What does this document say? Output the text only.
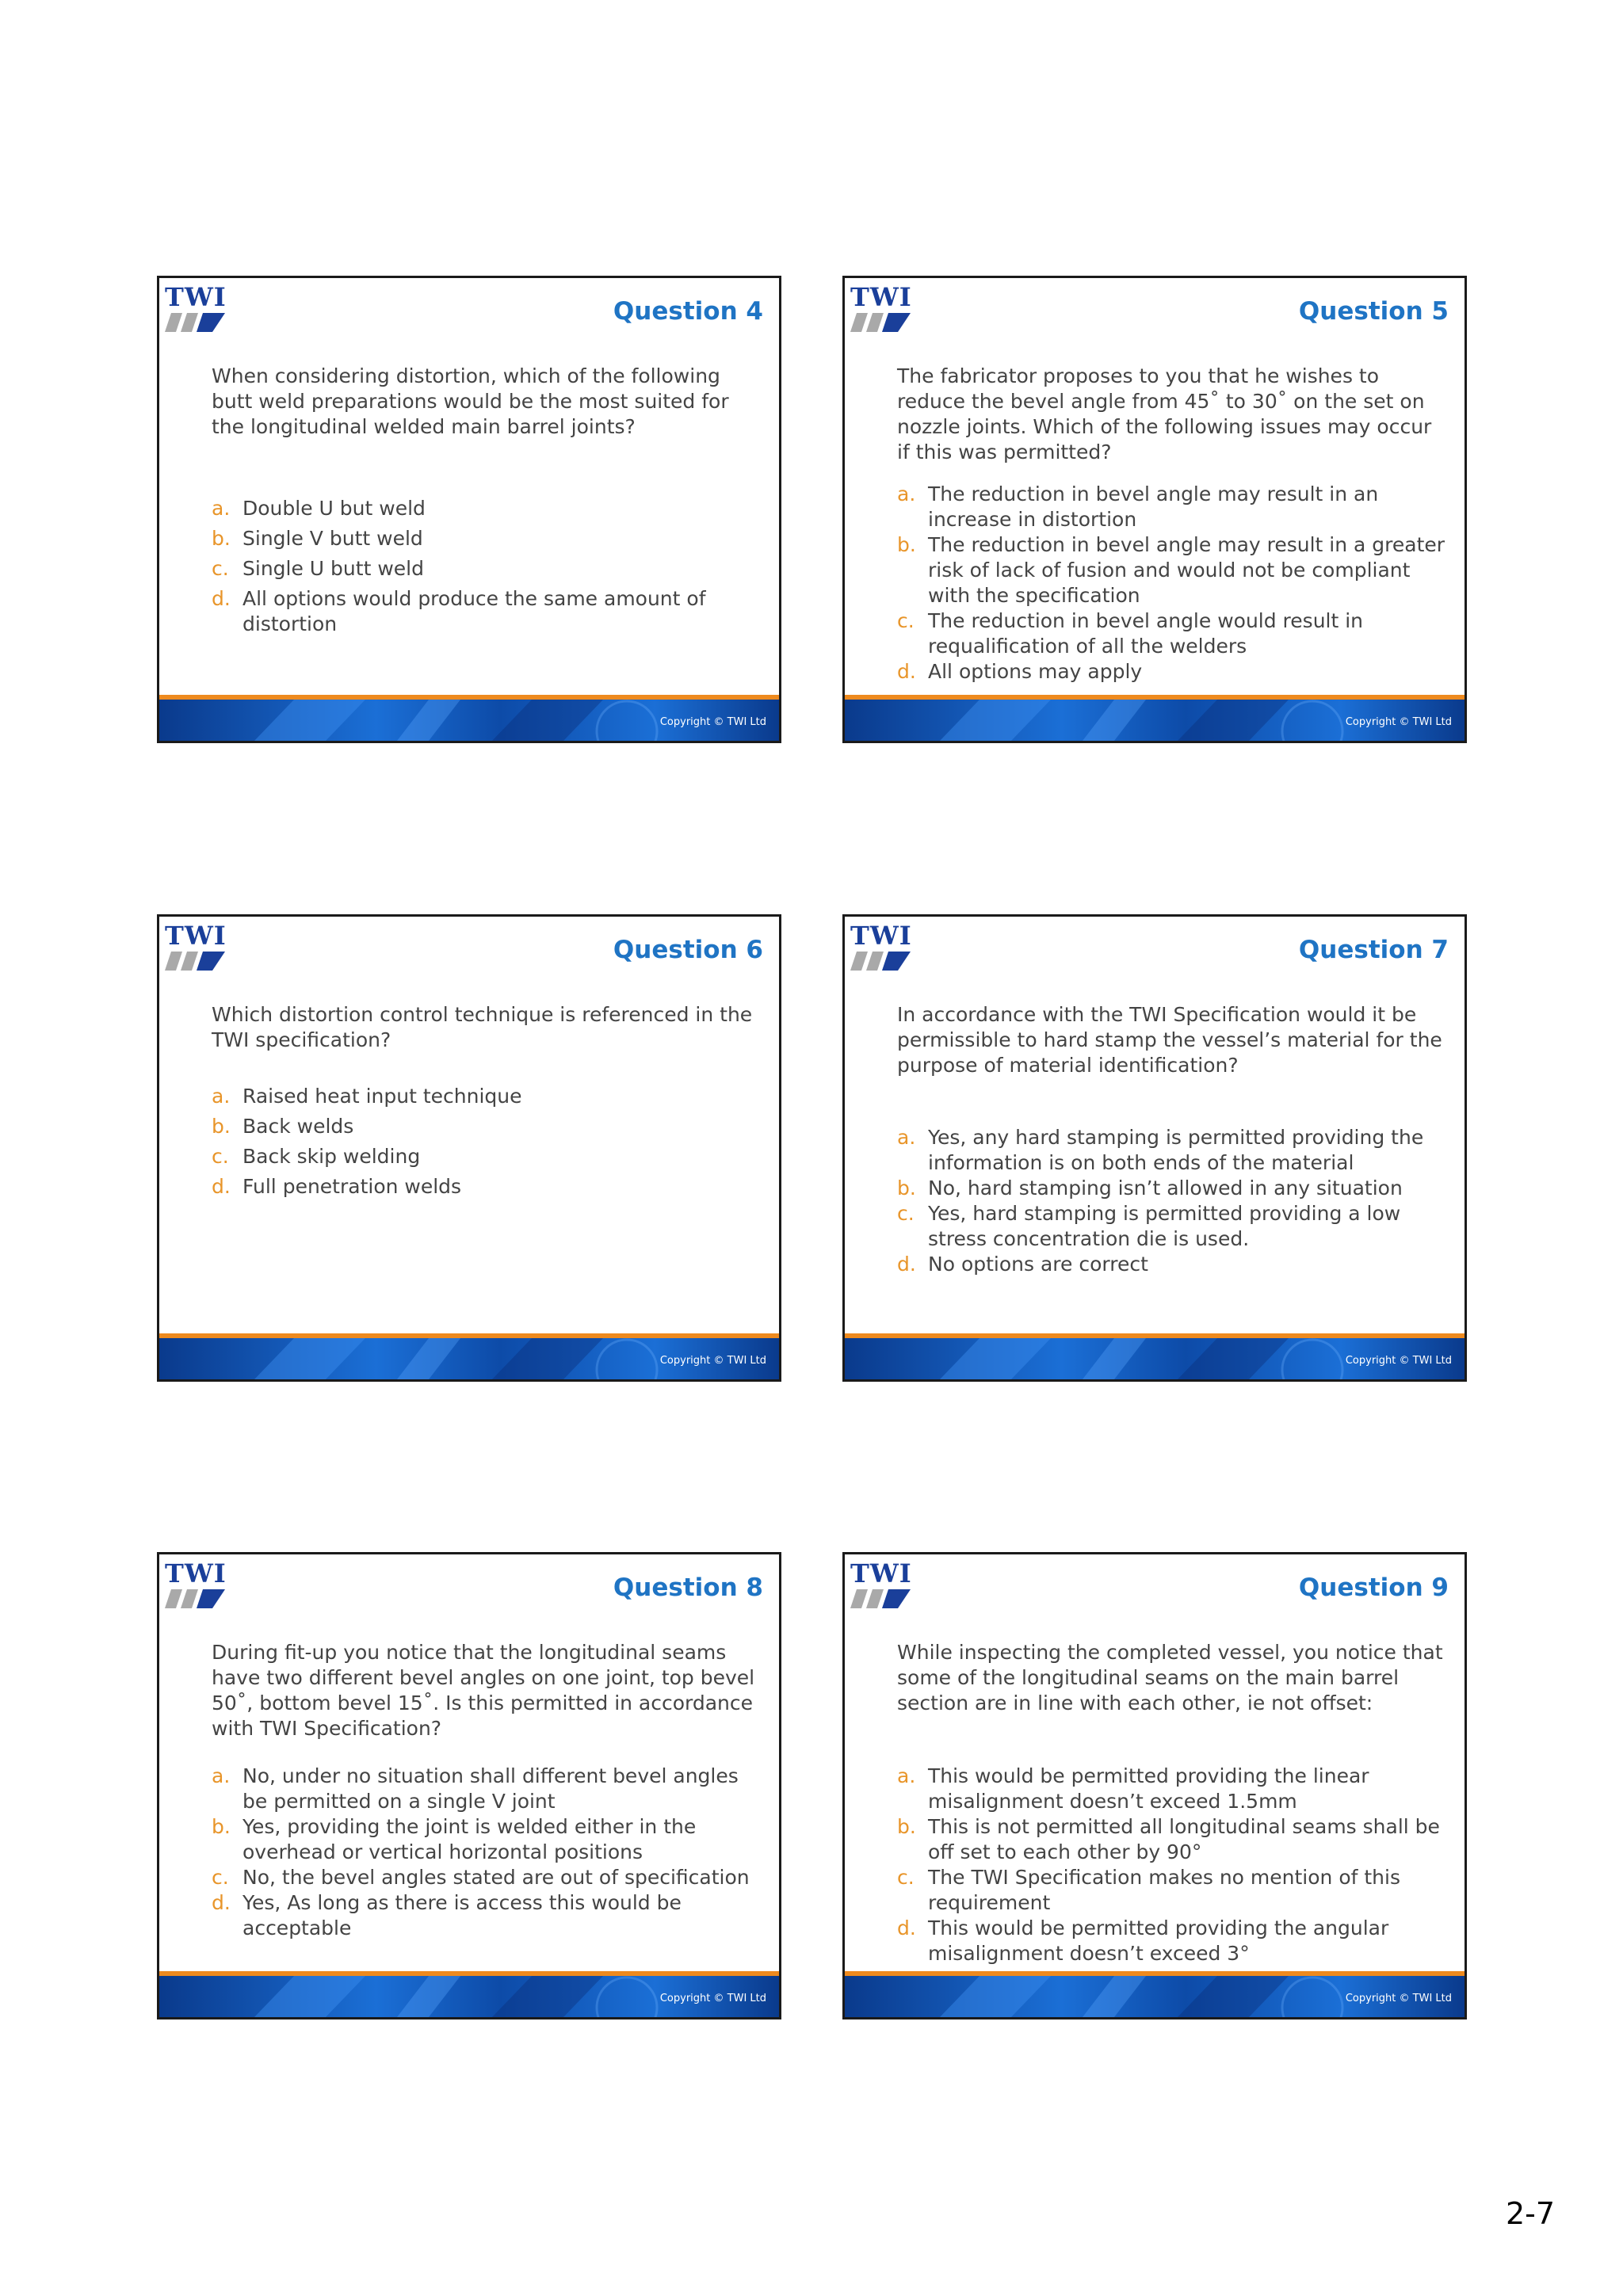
TWI	Question 4
When considering distortion, which of the following butt weld preparations would be the most suited for the longitudinal welded main barrel joints?
a. Double U but weld
b. Single V butt weld
c. Single U butt weld
d. All options would produce the same amount of distortion
Copyright © TWI Ltd
TWI	Question 5
The fabricator proposes to you that he wishes to reduce the bevel angle from 45˚ to 30˚ on the set on nozzle joints. Which of the following issues may occur if this was permitted?
a. The reduction in bevel angle may result in an increase in distortion
b. The reduction in bevel angle may result in a greater risk of lack of fusion and would not be compliant with the specification
c. The reduction in bevel angle would result in requalification of all the welders
d. All options may apply
Copyright © TWI Ltd
TWI	Question 6
Which distortion control technique is referenced in the TWI specification?
a. Raised heat input technique
b. Back welds
c. Back skip welding
d. Full penetration welds
Copyright © TWI Ltd
TWI	Question 7
In accordance with the TWI Specification would it be permissible to hard stamp the vessel’s material for the purpose of material identification?
a. Yes, any hard stamping is permitted providing the information is on both ends of the material
b. No, hard stamping isn’t allowed in any situation
c. Yes, hard stamping is permitted providing a low stress concentration die is used.
d. No options are correct
Copyright © TWI Ltd
TWI	Question 8
During fit-up you notice that the longitudinal seams have two different bevel angles on one joint, top bevel 50˚, bottom bevel 15˚. Is this permitted in accordance with TWI Specification?
a. No, under no situation shall different bevel angles be permitted on a single V joint
b. Yes, providing the joint is welded either in the overhead or vertical horizontal positions
c. No, the bevel angles stated are out of specification
d. Yes, As long as there is access this would be acceptable
Copyright © TWI Ltd
TWI	Question 9
While inspecting the completed vessel, you notice that some of the longitudinal seams on the main barrel section are in line with each other, ie not offset:
a. This would be permitted providing the linear misalignment doesn’t exceed 1.5mm
b. This is not permitted all longitudinal seams shall be off set to each other by 90°
c. The TWI Specification makes no mention of this requirement
d. This would be permitted providing the angular misalignment doesn’t exceed 3°
Copyright © TWI Ltd
2-7
